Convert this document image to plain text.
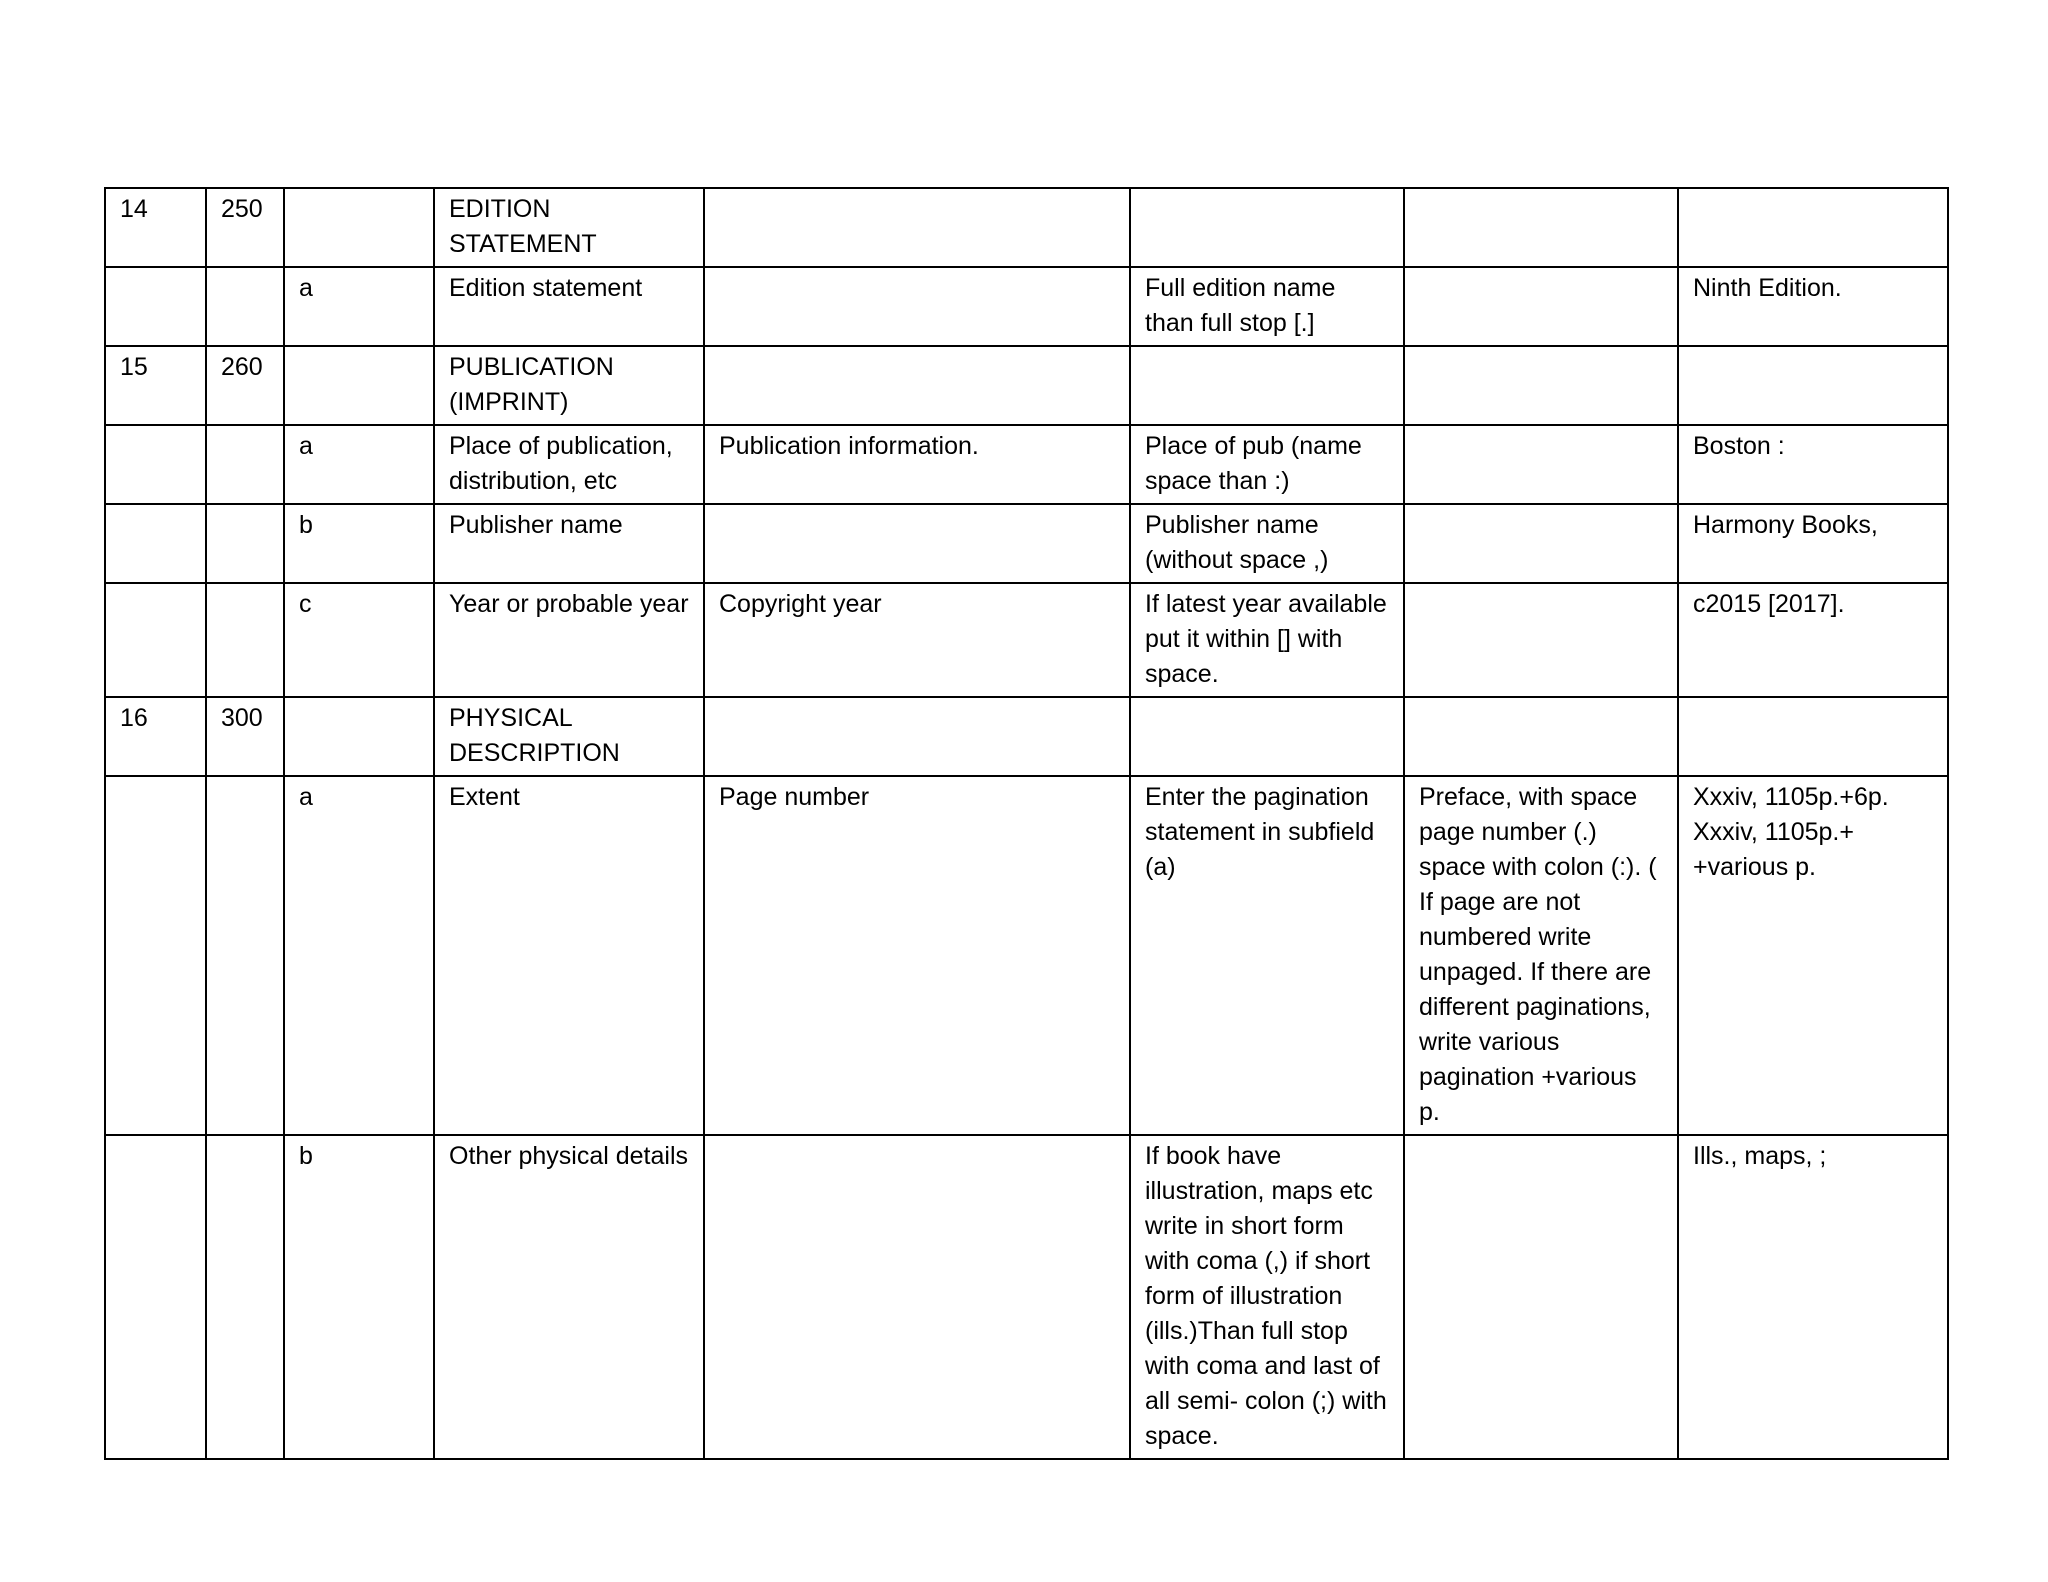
14	250		EDITION STATEMENT				
		a	Edition statement		Full edition name than full stop [.]		Ninth Edition.
15	260		PUBLICATION (IMPRINT)				
		a	Place of publication, distribution, etc	Publication information.	Place of pub (name space than :)		Boston :
		b	Publisher name		Publisher name (without space ,)		Harmony Books,
		c	Year or probable year	Copyright year	If latest year available put it within [] with space.		c2015 [2017].
16	300		PHYSICAL DESCRIPTION				
		a	Extent	Page number	Enter the pagination statement in subfield (a)	Preface, with space page number (.) space with colon (:). ( If page are not numbered write unpaged. If there are different paginations, write various pagination +various p.	Xxxiv, 1105p.+6p. Xxxiv, 1105p.+ +various p.
		b	Other physical details		If book have illustration, maps etc write in short form with coma (,) if short form of illustration (ills.)Than full stop with coma and last of all semi- colon (;) with space.		Ills., maps, ;
